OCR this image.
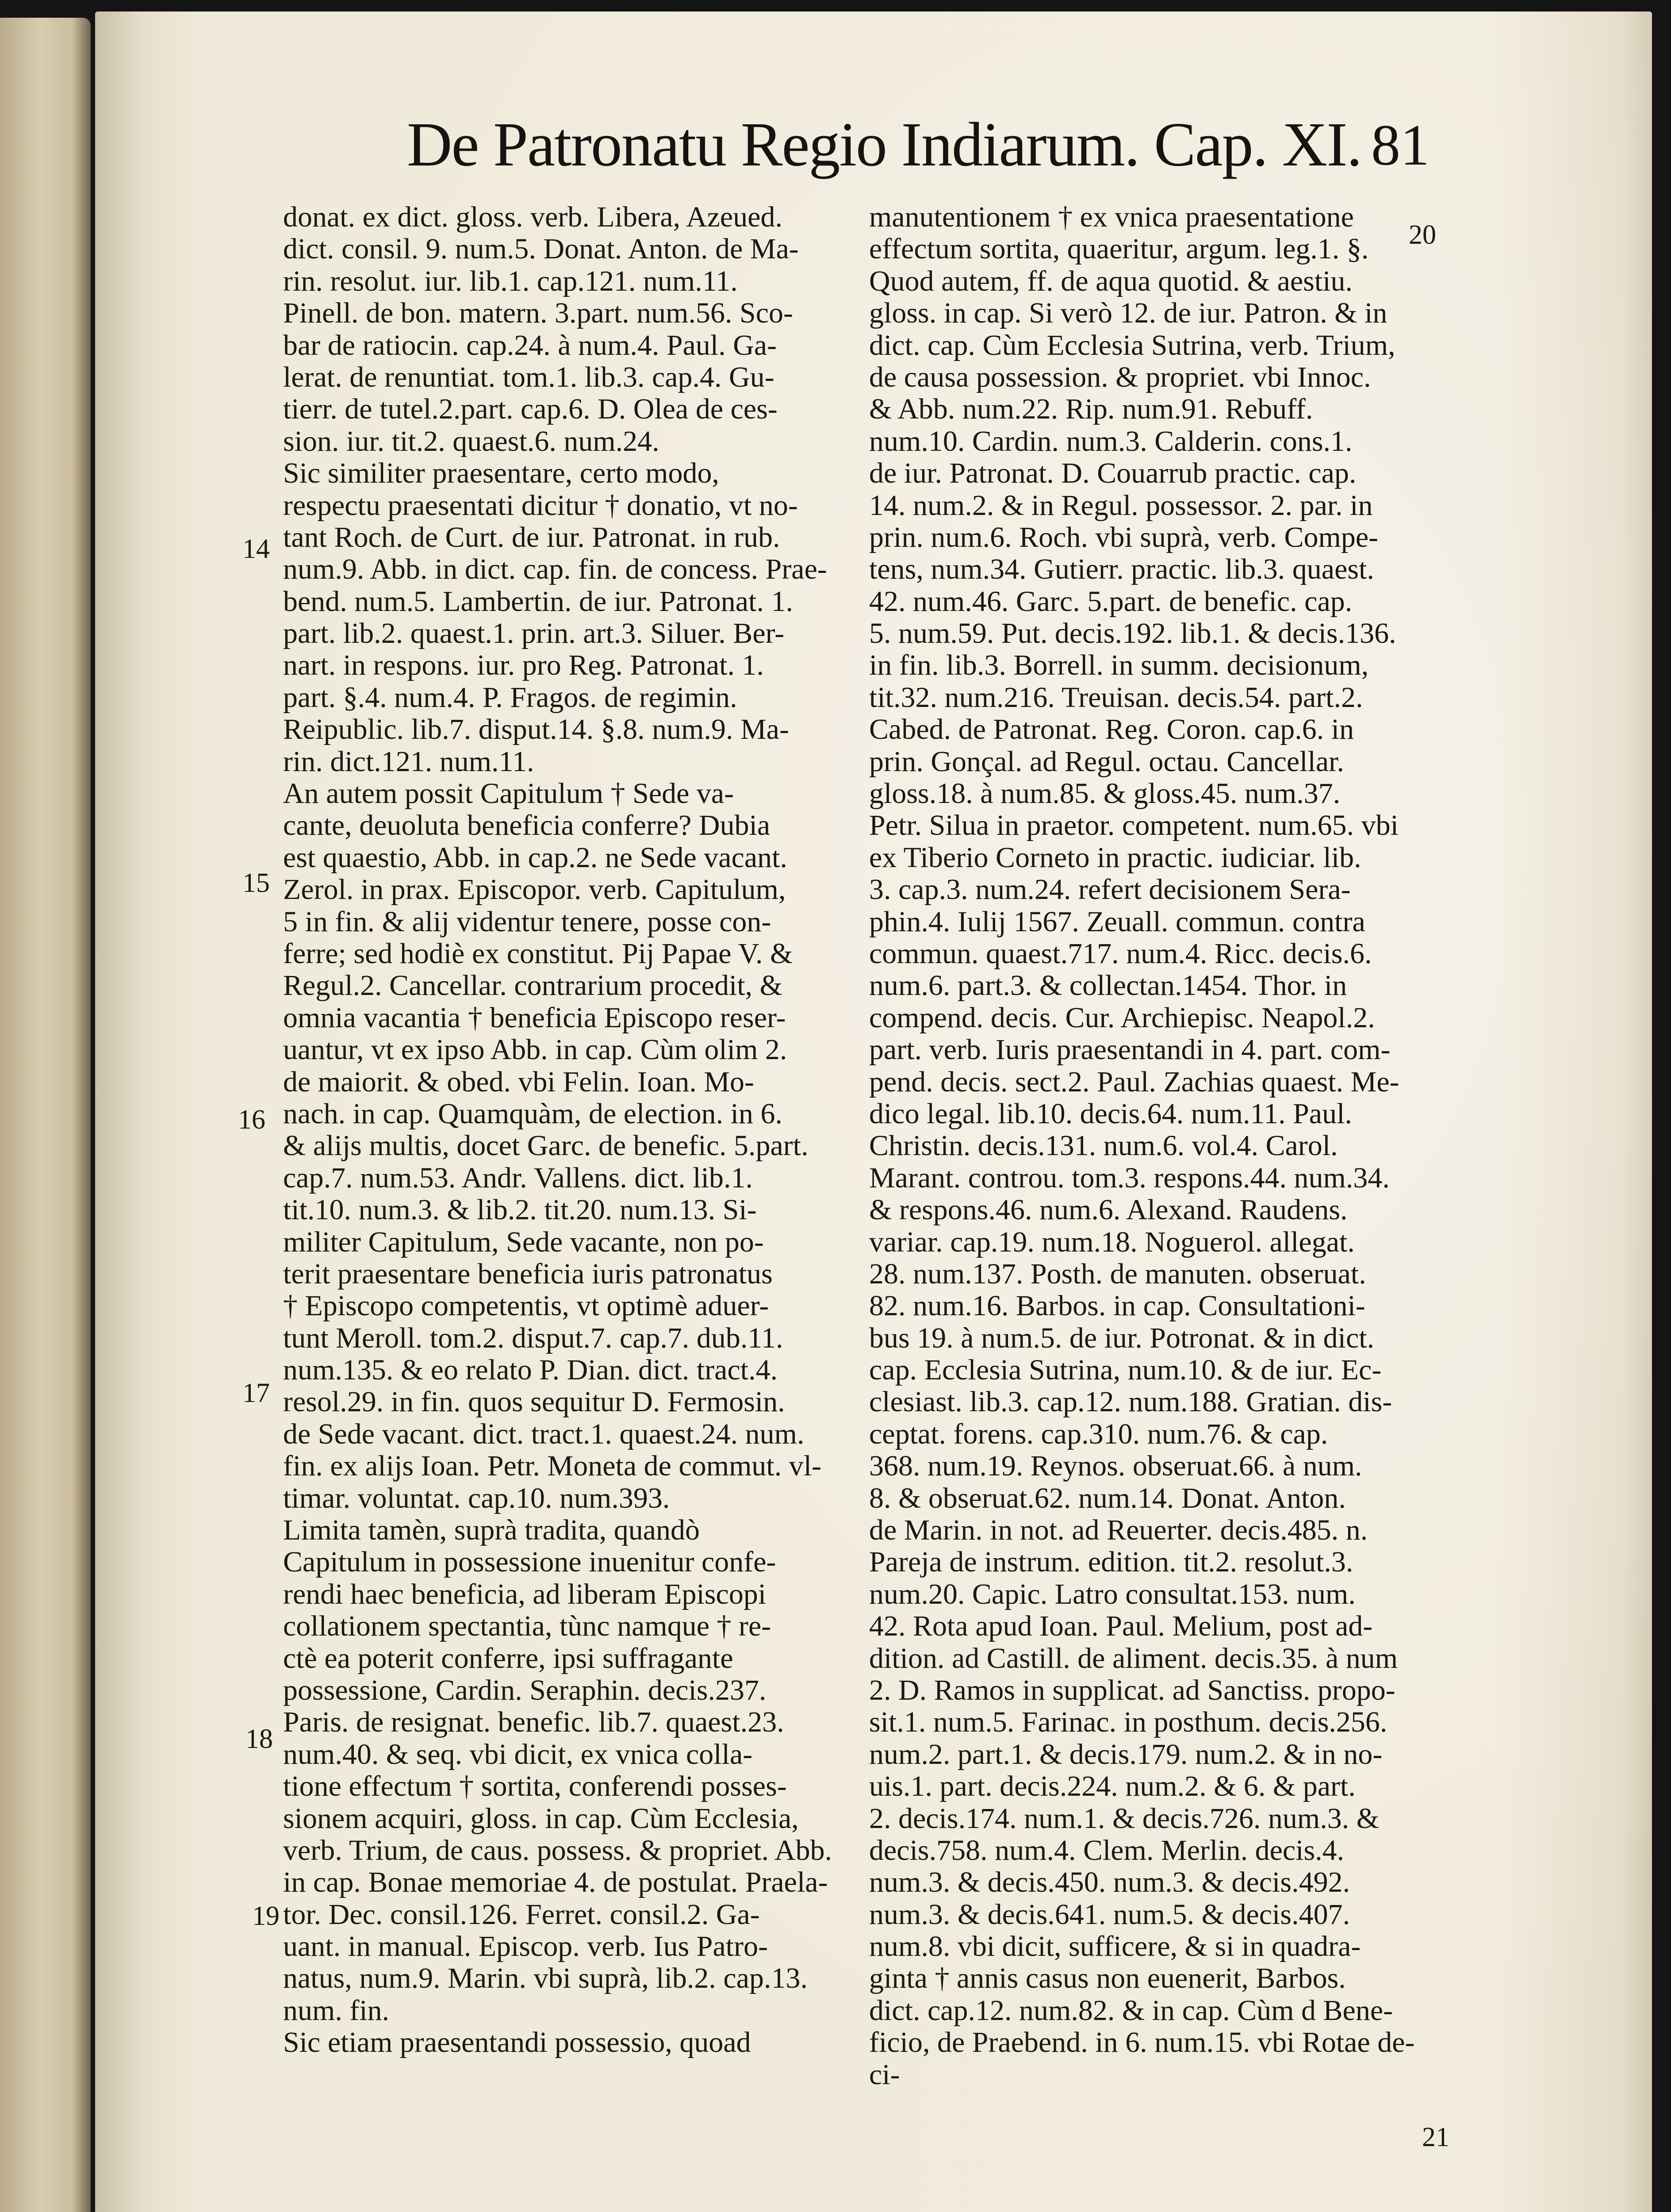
De Patronatu Regio Indiarum. Cap. XI. 81
donat. ex dict. gloss. verb. Libera, Azeued.
dict. consil. 9. num.5. Donat. Anton. de Ma-
rin. resolut. iur. lib.1. cap.121. num.11.
Pinell. de bon. matern. 3.part. num.56. Sco-
bar de ratiocin. cap.24. à num.4. Paul. Ga-
lerat. de renuntiat. tom.1. lib.3. cap.4. Gu-
tierr. de tutel.2.part. cap.6. D. Olea de ces-
sion. iur. tit.2. quaest.6. num.24.
Sic similiter praesentare, certo modo,
respectu praesentati dicitur † donatio, vt no-
tant Roch. de Curt. de iur. Patronat. in rub.
num.9. Abb. in dict. cap. fin. de concess. Prae-
bend. num.5. Lambertin. de iur. Patronat. 1.
part. lib.2. quaest.1. prin. art.3. Siluer. Ber-
nart. in respons. iur. pro Reg. Patronat. 1.
part. §.4. num.4. P. Fragos. de regimin.
Reipublic. lib.7. disput.14. §.8. num.9. Ma-
rin. dict.121. num.11.
An autem possit Capitulum † Sede va-
cante, deuoluta beneficia conferre? Dubia
est quaestio, Abb. in cap.2. ne Sede vacant.
Zerol. in prax. Episcopor. verb. Capitulum,
5 in fin. & alij videntur tenere, posse con-
ferre; sed hodiè ex constitut. Pij Papae V. &
Regul.2. Cancellar. contrarium procedit, &
omnia vacantia † beneficia Episcopo reser-
uantur, vt ex ipso Abb. in cap. Cùm olim 2.
de maiorit. & obed. vbi Felin. Ioan. Mo-
nach. in cap. Quamquàm, de election. in 6.
& alijs multis, docet Garc. de benefic. 5.part.
cap.7. num.53. Andr. Vallens. dict. lib.1.
tit.10. num.3. & lib.2. tit.20. num.13. Si-
militer Capitulum, Sede vacante, non po-
terit praesentare beneficia iuris patronatus
† Episcopo competentis, vt optimè aduer-
tunt Meroll. tom.2. disput.7. cap.7. dub.11.
num.135. & eo relato P. Dian. dict. tract.4.
resol.29. in fin. quos sequitur D. Fermosin.
de Sede vacant. dict. tract.1. quaest.24. num.
fin. ex alijs Ioan. Petr. Moneta de commut. vl-
timar. voluntat. cap.10. num.393.
Limita tamèn, suprà tradita, quandò
Capitulum in possessione inuenitur confe-
rendi haec beneficia, ad liberam Episcopi
collationem spectantia, tùnc namque † re-
ctè ea poterit conferre, ipsi suffragante
possessione, Cardin. Seraphin. decis.237.
Paris. de resignat. benefic. lib.7. quaest.23.
num.40. & seq. vbi dicit, ex vnica colla-
tione effectum † sortita, conferendi posses-
sionem acquiri, gloss. in cap. Cùm Ecclesia,
verb. Trium, de caus. possess. & propriet. Abb.
in cap. Bonae memoriae 4. de postulat. Praela-
tor. Dec. consil.126. Ferret. consil.2. Ga-
uant. in manual. Episcop. verb. Ius Patro-
natus, num.9. Marin. vbi suprà, lib.2. cap.13.
num. fin.
Sic etiam praesentandi possessio, quoad
manutentionem † ex vnica praesentatione
effectum sortita, quaeritur, argum. leg.1. §.
Quod autem, ff. de aqua quotid. & aestiu.
gloss. in cap. Si verò 12. de iur. Patron. & in
dict. cap. Cùm Ecclesia Sutrina, verb. Trium,
de causa possession. & propriet. vbi Innoc.
& Abb. num.22. Rip. num.91. Rebuff.
num.10. Cardin. num.3. Calderin. cons.1.
de iur. Patronat. D. Couarrub practic. cap.
14. num.2. & in Regul. possessor. 2. par. in
prin. num.6. Roch. vbi suprà, verb. Compe-
tens, num.34. Gutierr. practic. lib.3. quaest.
42. num.46. Garc. 5.part. de benefic. cap.
5. num.59. Put. decis.192. lib.1. & decis.136.
in fin. lib.3. Borrell. in summ. decisionum,
tit.32. num.216. Treuisan. decis.54. part.2.
Cabed. de Patronat. Reg. Coron. cap.6. in
prin. Gonçal. ad Regul. octau. Cancellar.
gloss.18. à num.85. & gloss.45. num.37.
Petr. Silua in praetor. competent. num.65. vbi
ex Tiberio Corneto in practic. iudiciar. lib.
3. cap.3. num.24. refert decisionem Sera-
phin.4. Iulij 1567. Zeuall. commun. contra
commun. quaest.717. num.4. Ricc. decis.6.
num.6. part.3. & collectan.1454. Thor. in
compend. decis. Cur. Archiepisc. Neapol.2.
part. verb. Iuris praesentandi in 4. part. com-
pend. decis. sect.2. Paul. Zachias quaest. Me-
dico legal. lib.10. decis.64. num.11. Paul.
Christin. decis.131. num.6. vol.4. Carol.
Marant. controu. tom.3. respons.44. num.34.
& respons.46. num.6. Alexand. Raudens.
variar. cap.19. num.18. Noguerol. allegat.
28. num.137. Posth. de manuten. obseruat.
82. num.16. Barbos. in cap. Consultationi-
bus 19. à num.5. de iur. Potronat. & in dict.
cap. Ecclesia Sutrina, num.10. & de iur. Ec-
clesiast. lib.3. cap.12. num.188. Gratian. dis-
ceptat. forens. cap.310. num.76. & cap.
368. num.19. Reynos. obseruat.66. à num.
8. & obseruat.62. num.14. Donat. Anton.
de Marin. in not. ad Reuerter. decis.485. n.
Pareja de instrum. edition. tit.2. resolut.3.
num.20. Capic. Latro consultat.153. num.
42. Rota apud Ioan. Paul. Melium, post ad-
dition. ad Castill. de aliment. decis.35. à num
2. D. Ramos in supplicat. ad Sanctiss. propo-
sit.1. num.5. Farinac. in posthum. decis.256.
num.2. part.1. & decis.179. num.2. & in no-
uis.1. part. decis.224. num.2. & 6. & part.
2. decis.174. num.1. & decis.726. num.3. &
decis.758. num.4. Clem. Merlin. decis.4.
num.3. & decis.450. num.3. & decis.492.
num.3. & decis.641. num.5. & decis.407.
num.8. vbi dicit, sufficere, & si in quadra-
ginta † annis casus non euenerit, Barbos.
dict. cap.12. num.82. & in cap. Cùm d Bene-
ficio, de Praebend. in 6. num.15. vbi Rotae de-
ci-
14
15
16
17
18
19
20
21
